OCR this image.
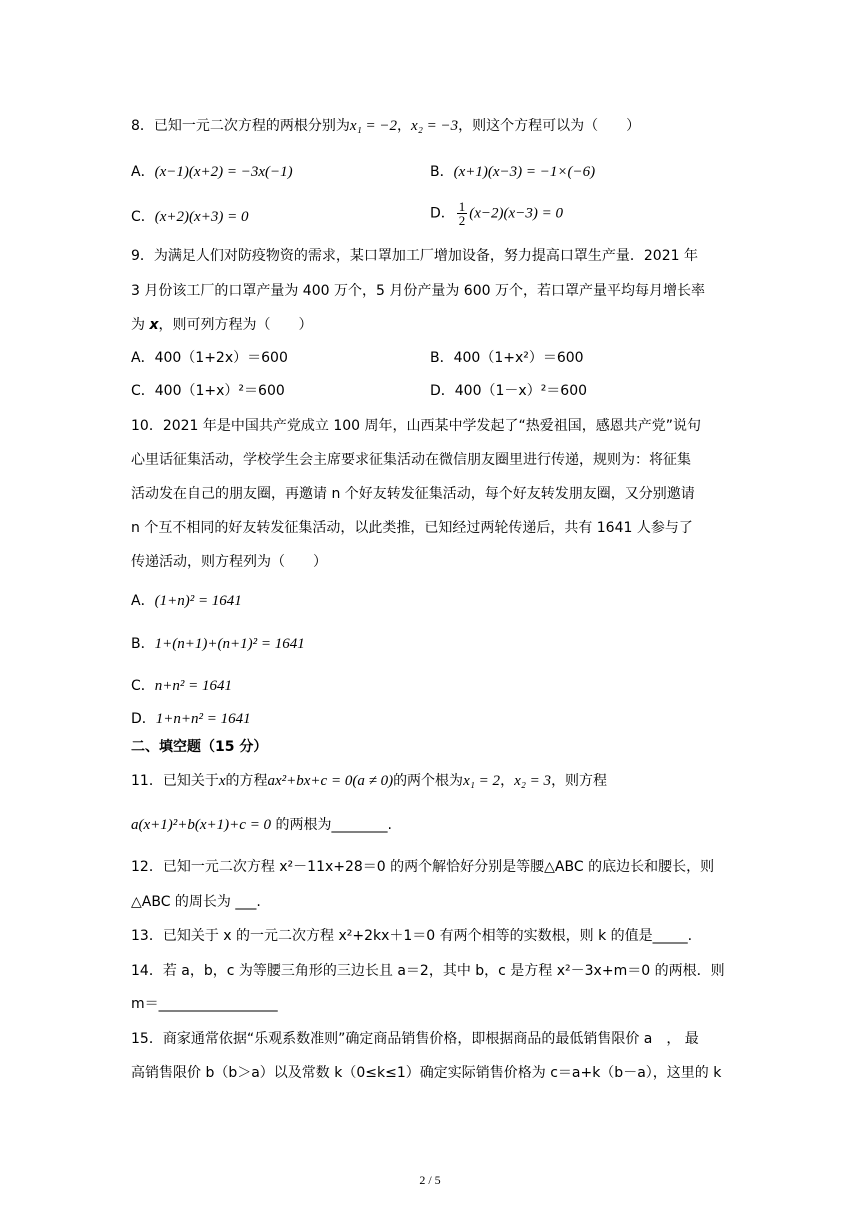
8．已知一元二次方程的两根分别为x₁ = −2，x₂ = −3，则这个方程可以为（　　）
A．(x−1)(x+2) = −3x(−1)	B．(x+1)(x−3) = −1×(−6)
C．(x+2)(x+3) = 0	D． $\frac{1}{2} (x-2)(x-3) = 0$
9．为满足人们对防疫物资的需求，某口罩加工厂增加设备，努力提高口罩生产量．2021 年
3 月份该工厂的口罩产量为 400 万个，5 月份产量为 600 万个，若口罩产量平均每月增长率
为 x，则可列方程为（　　）
A．400（1+2x）＝600	B．400（1+x²）＝600
C．400（1+x）²＝600	D．400（1－x）²＝600
10．2021 年是中国共产党成立 100 周年，山西某中学发起了“热爱祖国，感恩共产党”说句
心里话征集活动，学校学生会主席要求征集活动在微信朋友圈里进行传递，规则为：将征集
活动发在自己的朋友圈，再邀请 n 个好友转发征集活动，每个好友转发朋友圈，又分别邀请
n 个互不相同的好友转发征集活动，以此类推，已知经过两轮传递后，共有 1641 人参与了
传递活动，则方程列为（　　）
A．(1+n)² = 1641
B．1+(n+1)+(n+1)² = 1641
C．n+n² = 1641
D．1+n+n² = 1641
二、填空题（15 分）
11．已知关于x的方程ax²+bx+c = 0(a ≠ 0)的两个根为x₁ = 2，x₂ = 3，则方程
a(x+1)²+b(x+1)+c = 0 的两根为________.
12．已知一元二次方程 x²－11x+28＝0 的两个解恰好分别是等腰△ABC 的底边长和腰长，则
△ABC 的周长为 ___.
13．已知关于 x 的一元二次方程 x²+2kx＋1＝0 有两个相等的实数根，则 k 的值是_____.
14．若 a，b，c 为等腰三角形的三边长且 a＝2，其中 b，c 是方程 x²－3x+m＝0 的两根．则
m＝_________________
15．商家通常依据“乐观系数准则”确定商品销售价格，即根据商品的最低销售限价 a　， 最
高销售限价 b（b＞a）以及常数 k（0≤k≤1）确定实际销售价格为 c＝a+k（b－a），这里的 k
2 / 5
